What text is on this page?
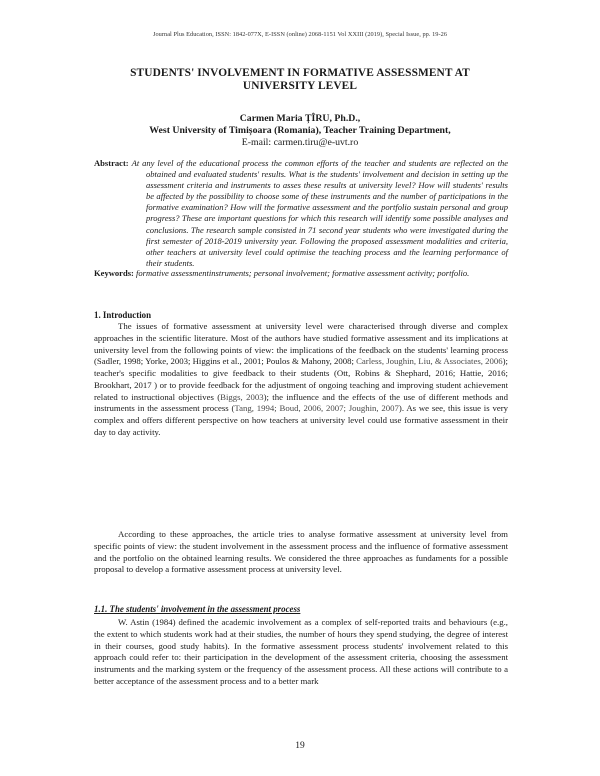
Journal Plus Education, ISSN: 1842-077X, E-ISSN (online) 2068-1151 Vol XXIII (2019), Special Issue, pp. 19-26
STUDENTS' INVOLVEMENT IN FORMATIVE ASSESSMENT AT UNIVERSITY LEVEL
Carmen Maria ȚÎRU, Ph.D.,
West University of Timișoara (Romania), Teacher Training Department,
E-mail: carmen.tiru@e-uvt.ro
Abstract: At any level of the educational process the common efforts of the teacher and students are reflected on the obtained and evaluated students' results. What is the students' involvement and decision in setting up the assessment criteria and instruments to asses these results at university level? How will students' results be affected by the possibility to choose some of these instruments and the number of participations in the formative examination? How will the formative assessment and the portfolio sustain personal and group progress? These are important questions for which this research will identify some possible analyses and conclusions. The research sample consisted in 71 second year students who were investigated during the first semester of 2018-2019 university year. Following the proposed assessment modalities and criteria, other teachers at university level could optimise the teaching process and the learning performance of their students.
Keywords: formative assessmentinstruments; personal involvement; formative assessment activity; portfolio.
1. Introduction
The issues of formative assessment at university level were characterised through diverse and complex approaches in the scientific literature. Most of the authors have studied formative assessment and its implications at university level from the following points of view: the implications of the feedback on the students' learning process (Sadler, 1998; Yorke, 2003; Higgins et al., 2001; Poulos & Mahony, 2008; Carless, Joughin, Liu, & Associates, 2006); teacher's specific modalities to give feedback to their students (Ott, Robins & Shephard, 2016; Hattie, 2016; Brookhart, 2017 ) or to provide feedback for the adjustment of ongoing teaching and improving student achievement related to instructional objectives (Biggs, 2003); the influence and the effects of the use of different methods and instruments in the assessment process (Tang, 1994; Boud, 2006, 2007; Joughin, 2007). As we see, this issue is very complex and offers different perspective on how teachers at university level could use formative assessment in their day to day activity.
According to these approaches, the article tries to analyse formative assessment at university level from specific points of view: the student involvement in the assessment process and the influence of formative assessment and the portfolio on the obtained learning results. We considered the three approaches as fundaments for a possible proposal to develop a formative assessment process at university level.
1.1. The students' involvement in the assessment process
W. Astin (1984) defined the academic involvement as a complex of self-reported traits and behaviours (e.g., the extent to which students work had at their studies, the number of hours they spend studying, the degree of interest in their courses, good study habits). In the formative assessment process students' involvement related to this approach could refer to: their participation in the development of the assessment criteria, choosing the assessment instruments and the marking system or the frequency of the assessment process. All these actions will contribute to a better acceptance of the assessment process and to a better mark
19
